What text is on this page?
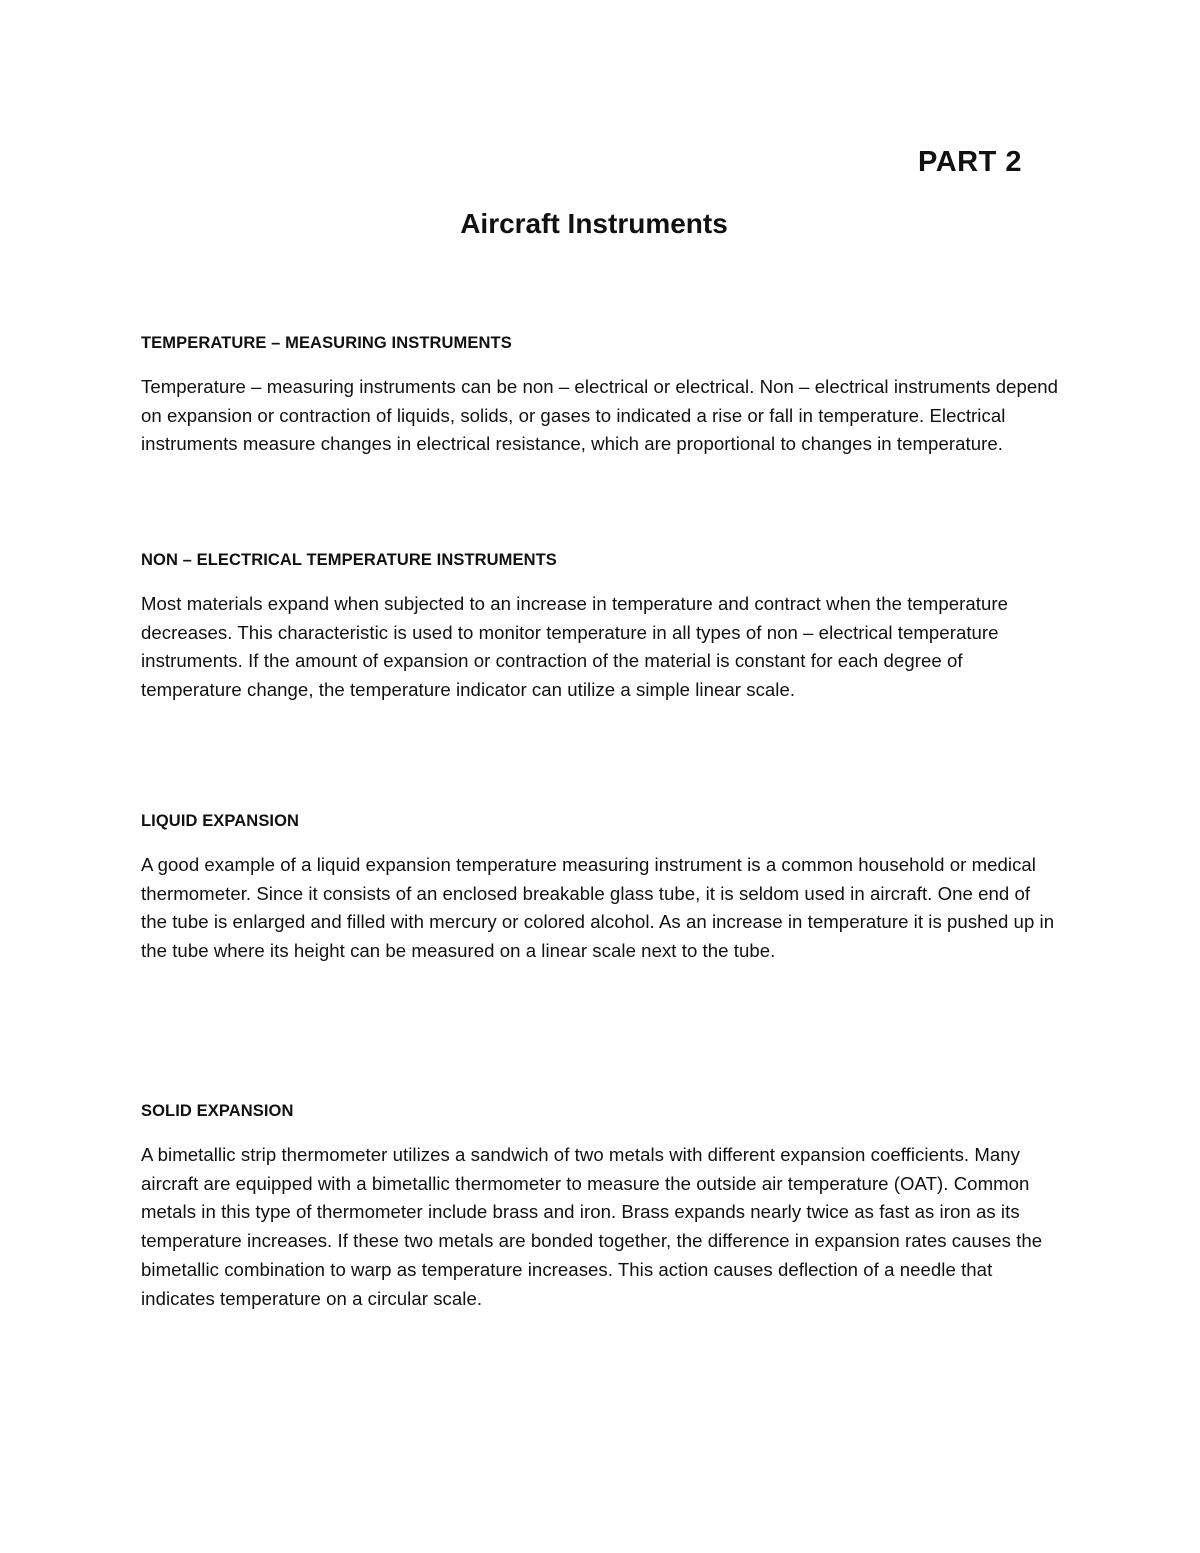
PART 2
Aircraft Instruments
TEMPERATURE – MEASURING INSTRUMENTS

Temperature – measuring instruments can be non – electrical or electrical. Non – electrical instruments depend on expansion or contraction of liquids, solids, or gases to indicated a rise or fall in temperature. Electrical instruments measure changes in electrical resistance, which are proportional to changes in temperature.

NON – ELECTRICAL TEMPERATURE INSTRUMENTS

Most materials expand when subjected to an increase in temperature and contract when the temperature decreases. This characteristic is used to monitor temperature in all types of non – electrical temperature instruments. If the amount of expansion or contraction of the material is constant for each degree of temperature change, the temperature indicator can utilize a simple linear scale.

LIQUID EXPANSION

A good example of a liquid expansion temperature measuring instrument is a common household or medical thermometer. Since it consists of an enclosed breakable glass tube, it is seldom used in aircraft. One end of the tube is enlarged and filled with mercury or colored alcohol. As an increase in temperature it is pushed up in the tube where its height can be measured on a linear scale next to the tube.

SOLID EXPANSION

A bimetallic strip thermometer utilizes a sandwich of two metals with different expansion coefficients. Many aircraft are equipped with a bimetallic thermometer to measure the outside air temperature (OAT). Common metals in this type of thermometer include brass and iron. Brass expands nearly twice as fast as iron as its temperature increases. If these two metals are bonded together, the difference in expansion rates causes the bimetallic combination to warp as temperature increases. This action causes deflection of a needle that indicates temperature on a circular scale.
